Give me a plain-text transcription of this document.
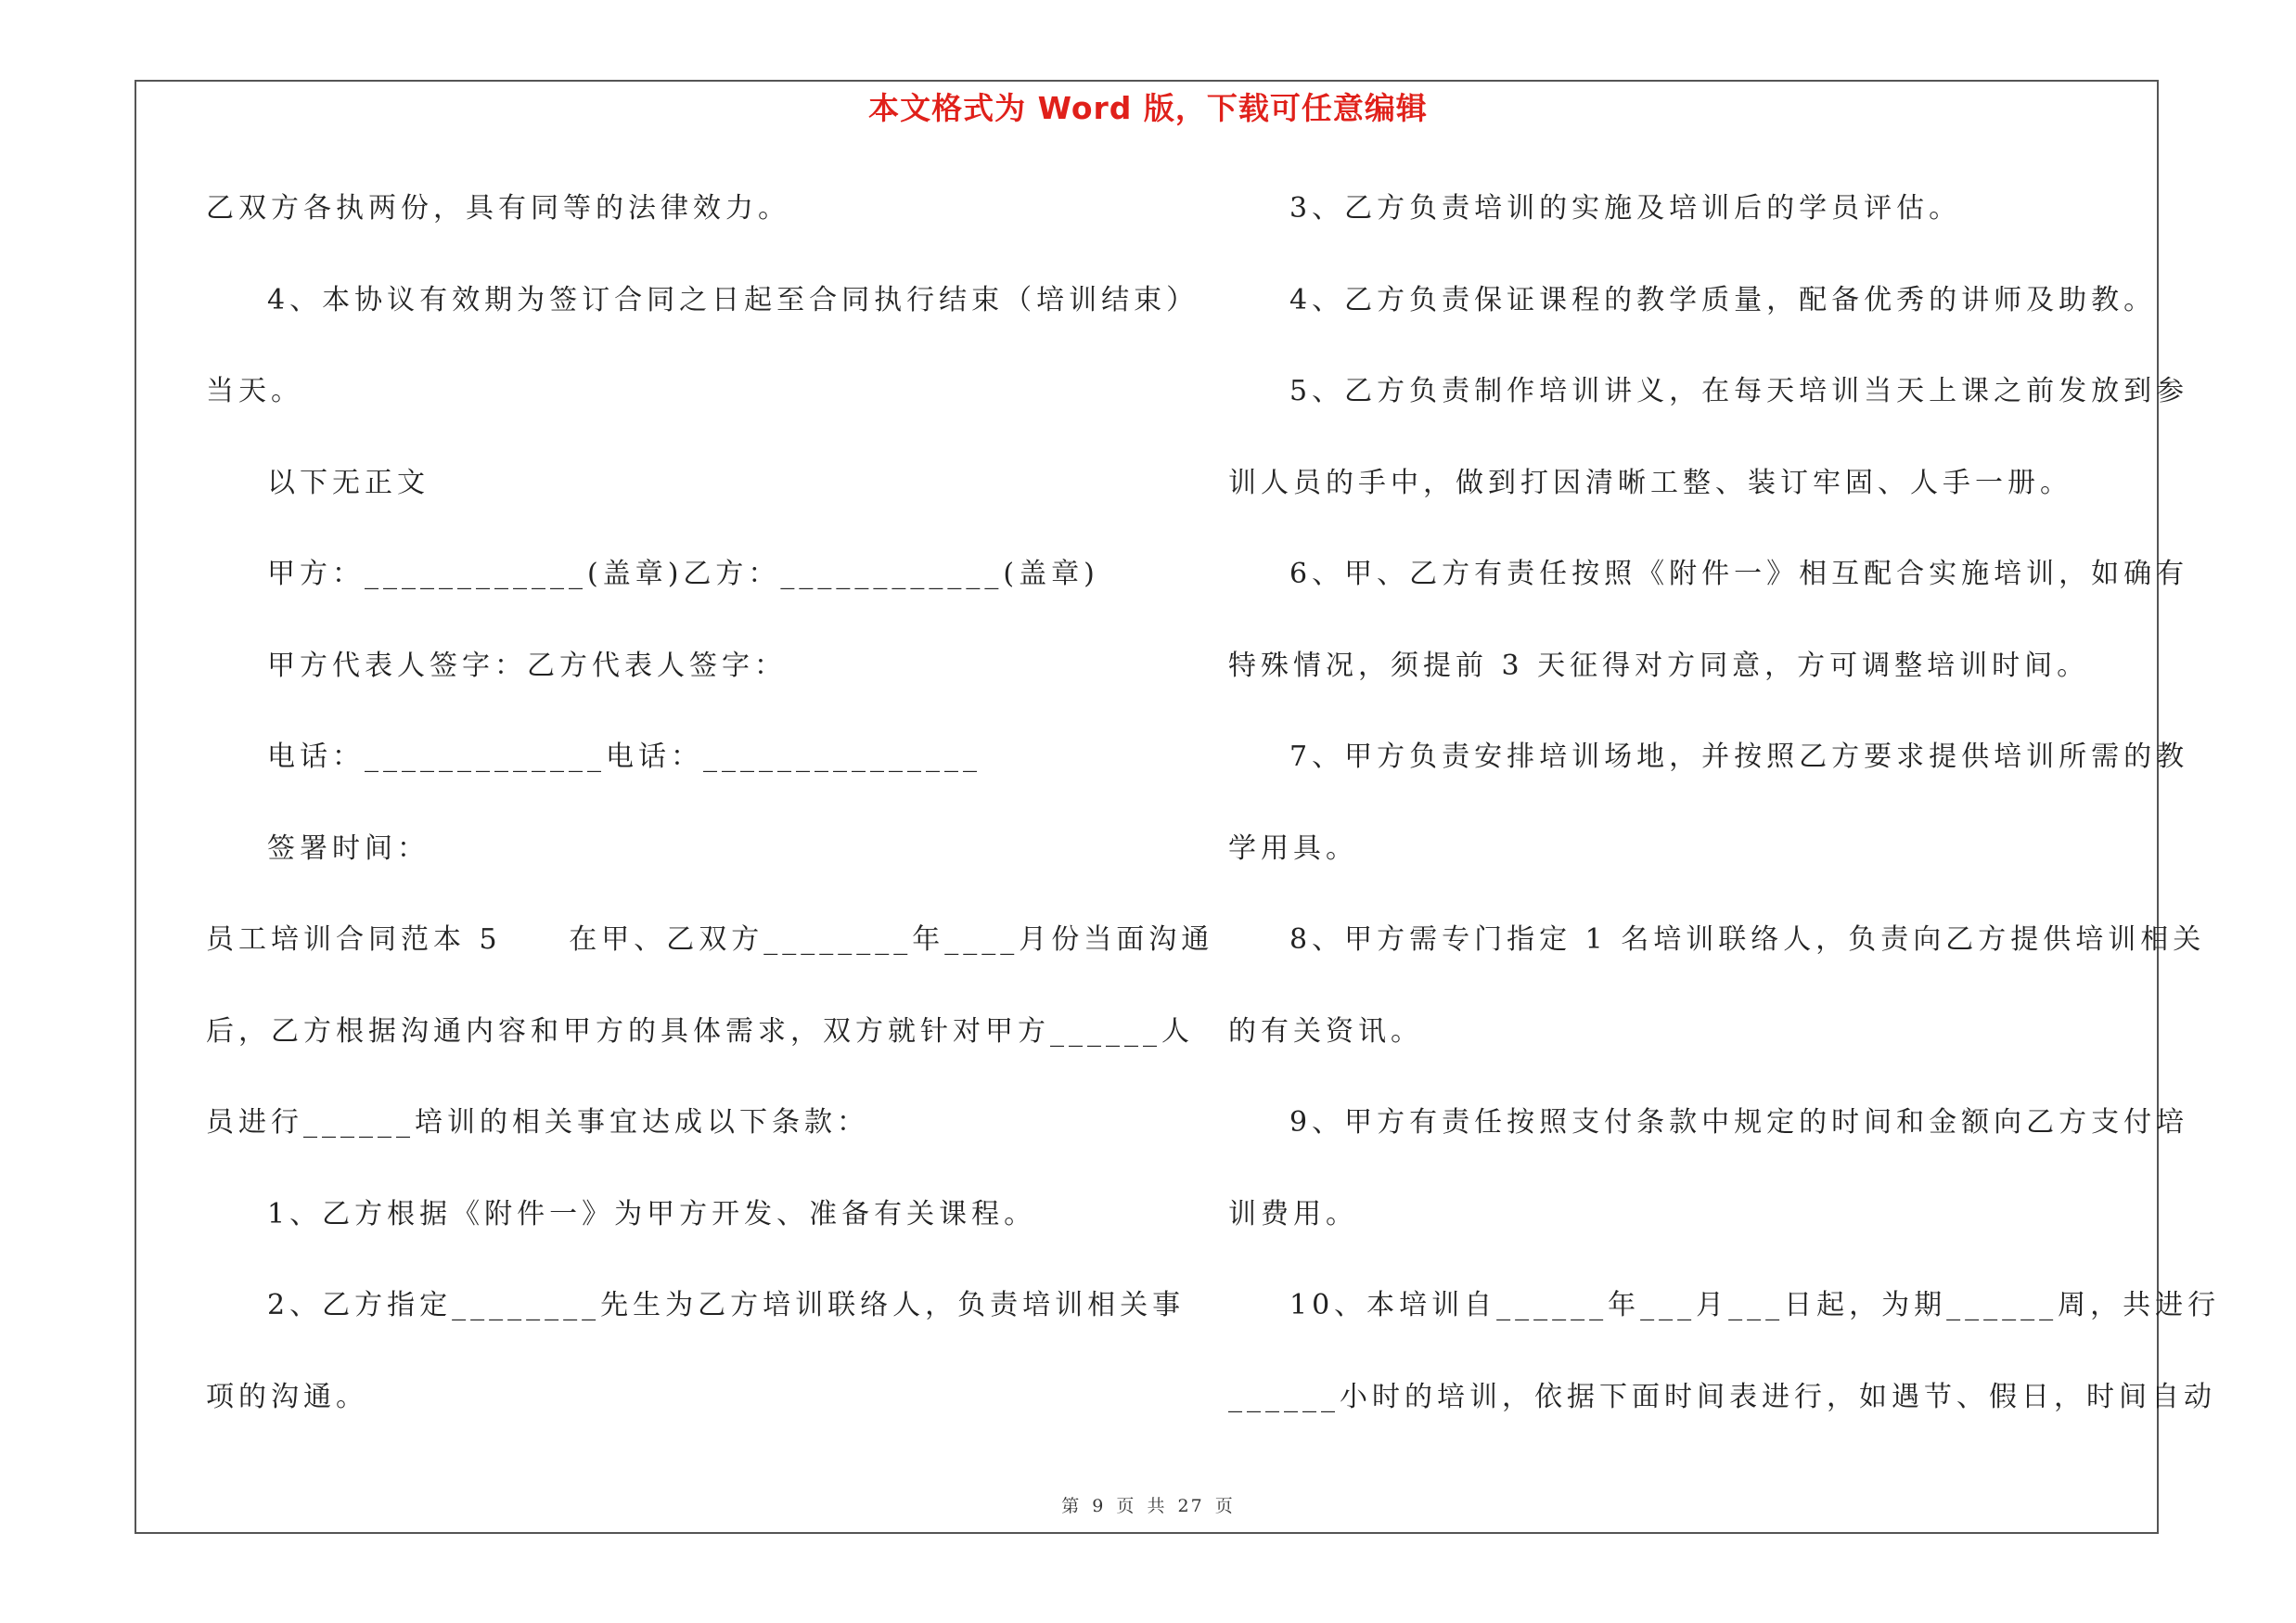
本文格式为 Word 版，下载可任意编辑
乙双方各执两份，具有同等的法律效力。
4、本协议有效期为签订合同之日起至合同执行结束（培训结束）
当天。
以下无正文
甲方：____________(盖章)乙方：____________(盖章)
甲方代表人签字：乙方代表人签字：
电话：_____________电话：_______________
签署时间：
员工培训合同范本 5     在甲、乙双方________年____月份当面沟通
后，乙方根据沟通内容和甲方的具体需求，双方就针对甲方______人
员进行______培训的相关事宜达成以下条款：
1、乙方根据《附件一》为甲方开发、准备有关课程。
2、乙方指定________先生为乙方培训联络人，负责培训相关事
项的沟通。
3、乙方负责培训的实施及培训后的学员评估。
4、乙方负责保证课程的教学质量，配备优秀的讲师及助教。
5、乙方负责制作培训讲义，在每天培训当天上课之前发放到参
训人员的手中，做到打因清晰工整、装订牢固、人手一册。
6、甲、乙方有责任按照《附件一》相互配合实施培训，如确有
特殊情况，须提前 3 天征得对方同意，方可调整培训时间。
7、甲方负责安排培训场地，并按照乙方要求提供培训所需的教
学用具。
8、甲方需专门指定 1 名培训联络人，负责向乙方提供培训相关
的有关资讯。
9、甲方有责任按照支付条款中规定的时间和金额向乙方支付培
训费用。
10、本培训自______年___月___日起，为期______周，共进行
______小时的培训，依据下面时间表进行，如遇节、假日，时间自动
第 9 页 共 27 页
